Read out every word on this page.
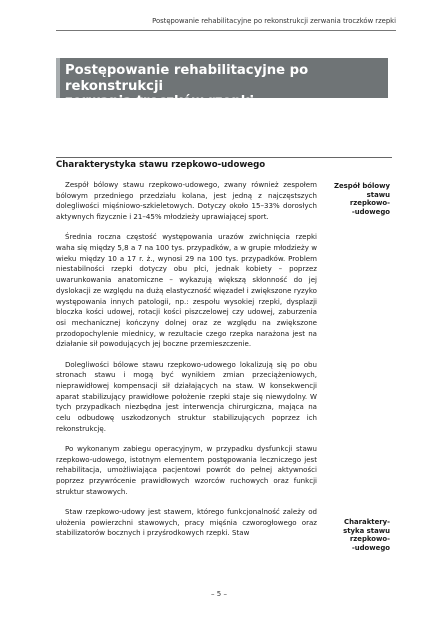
Postępowanie rehabilitacyjne po rekonstrukcji zerwania troczków rzepki
Postępowanie rehabilitacyjne po rekonstrukcji
zerwania troczków rzepki
Charakterystyka stawu rzepkowo-udowego

Zespół bólowy stawu rzepkowo-udowego, zwany również zespołem bólowym przedniego przedziału kolana, jest jedną z najczęstszych dolegliwości mięśniowo-szkieletowych. Dotyczy około 15–33% dorosłych aktywnych fizycznie i 21–45% młodzieży uprawiającej sport.

Średnia roczna częstość występowania urazów zwichnięcia rzepki waha się między 5,8 a 7 na 100 tys. przypadków, a w grupie młodzieży w wieku między 10 a 17 r. ż., wynosi 29 na 100 tys. przypadków. Problem niestabilności rzepki dotyczy obu płci, jednak kobiety – poprzez uwarunkowania anatomiczne – wykazują większą skłonność do jej dyslokacji ze względu na dużą elastyczność więzadeł i zwiększone ryzyko występowania innych patologii, np.: zespołu wysokiej rzepki, dysplazji bloczka kości udowej, rotacji kości piszczelowej czy udowej, zaburzenia osi mechanicznej kończyny dolnej oraz ze względu na zwiększone przodopochylenie miednicy, w rezultacie czego rzepka narażona jest na działanie sił powodujących jej boczne przemieszczenie.

Dolegliwości bólowe stawu rzepkowo-udowego lokalizują się po obu stronach stawu i mogą być wynikiem zmian przeciążeniowych, nieprawidłowej kompensacji sił działających na staw. W konsekwencji aparat stabilizujący prawidłowe położenie rzepki staje się niewydolny. W tych przypadkach niezbędna jest interwencja chirurgiczna, mająca na celu odbudowę uszkodzonych struktur stabilizujących poprzez ich rekonstrukcję.

Po wykonanym zabiegu operacyjnym, w przypadku dysfunkcji stawu rzepkowo-udowego, istotnym elementem postępowania leczniczego jest rehabilitacja, umożliwiająca pacjentowi powrót do pełnej aktywności poprzez przywrócenie prawidłowych wzorców ruchowych oraz funkcji struktur stawowych.

Staw rzepkowo-udowy jest stawem, którego funkcjonalność zależy od ułożenia powierzchni stawowych, pracy mięśnia czworogłowego oraz stabilizatorów bocznych i przyśrodkowych rzepki. Staw

Zespół bólowy
stawu
rzepkowo-
-udowego
Charaktery-
styka stawu
rzepkowo-
-udowego
– 5 –
